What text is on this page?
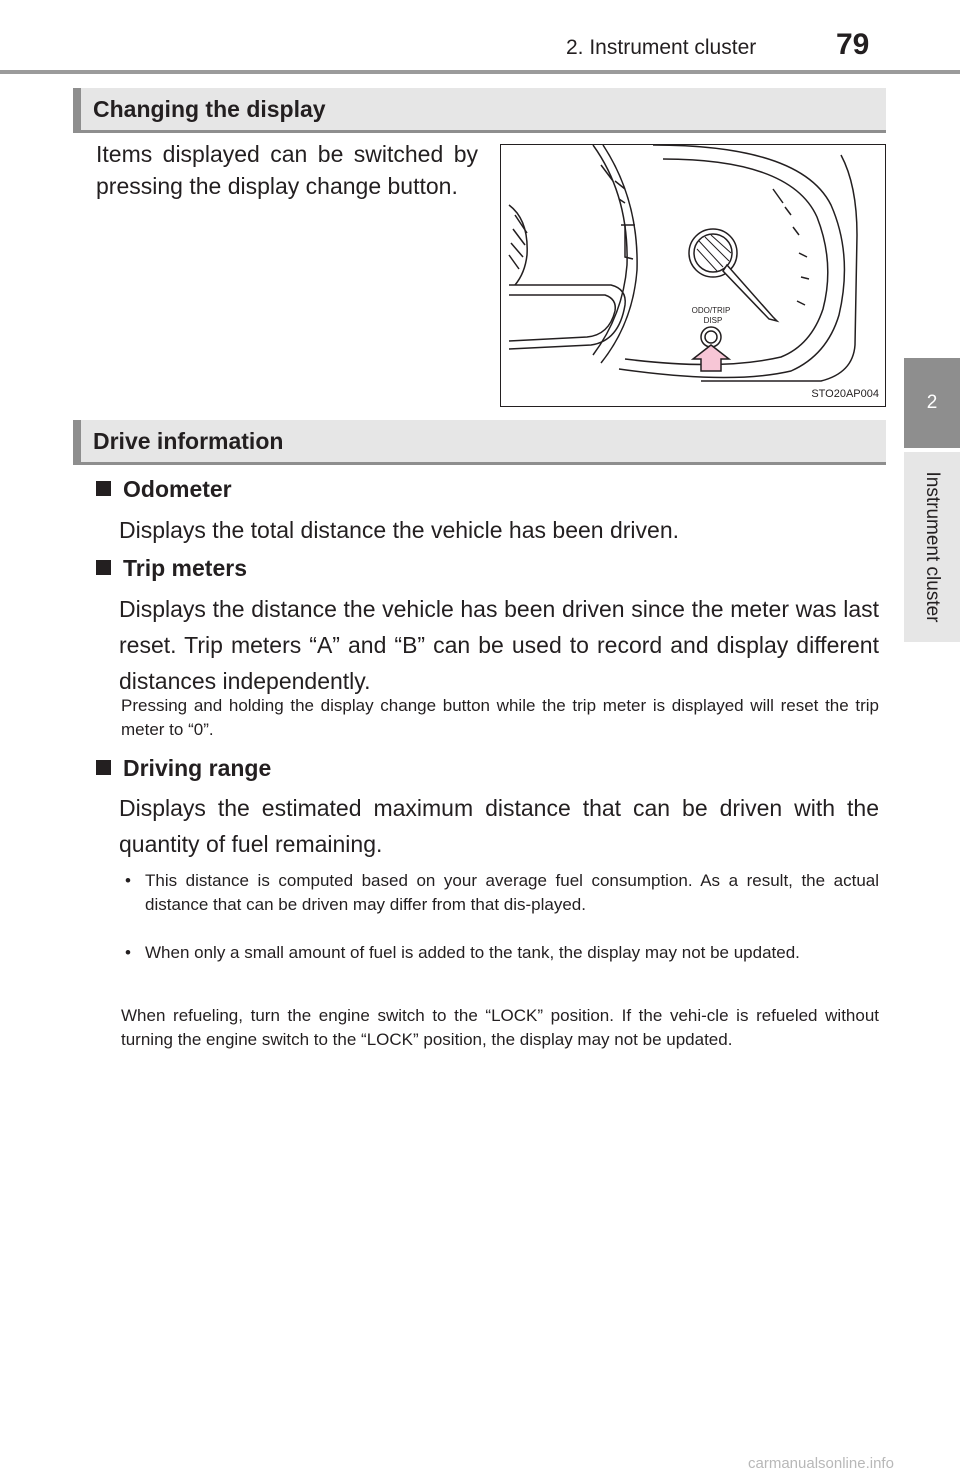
2. Instrument cluster	79
2
Instrument cluster
Changing the display
Items displayed can be switched by pressing the display change button.
ODO/TRIP
DISP
STO20AP004
Drive information
Odometer
Displays the total distance the vehicle has been driven.
Trip meters
Displays the distance the vehicle has been driven since the meter was last reset. Trip meters “A” and “B” can be used to record and display different distances independently.
Pressing and holding the display change button while the trip meter is displayed will reset the trip meter to “0”.
Driving range
Displays the estimated maximum distance that can be driven with the quantity of fuel remaining.
• This distance is computed based on your average fuel consumption. As a result, the actual distance that can be driven may differ from that dis-played.
• When only a small amount of fuel is added to the tank, the display may not be updated.
When refueling, turn the engine switch to the “LOCK” position. If the vehi-cle is refueled without turning the engine switch to the “LOCK” position, the display may not be updated.
carmanualsonline.info
